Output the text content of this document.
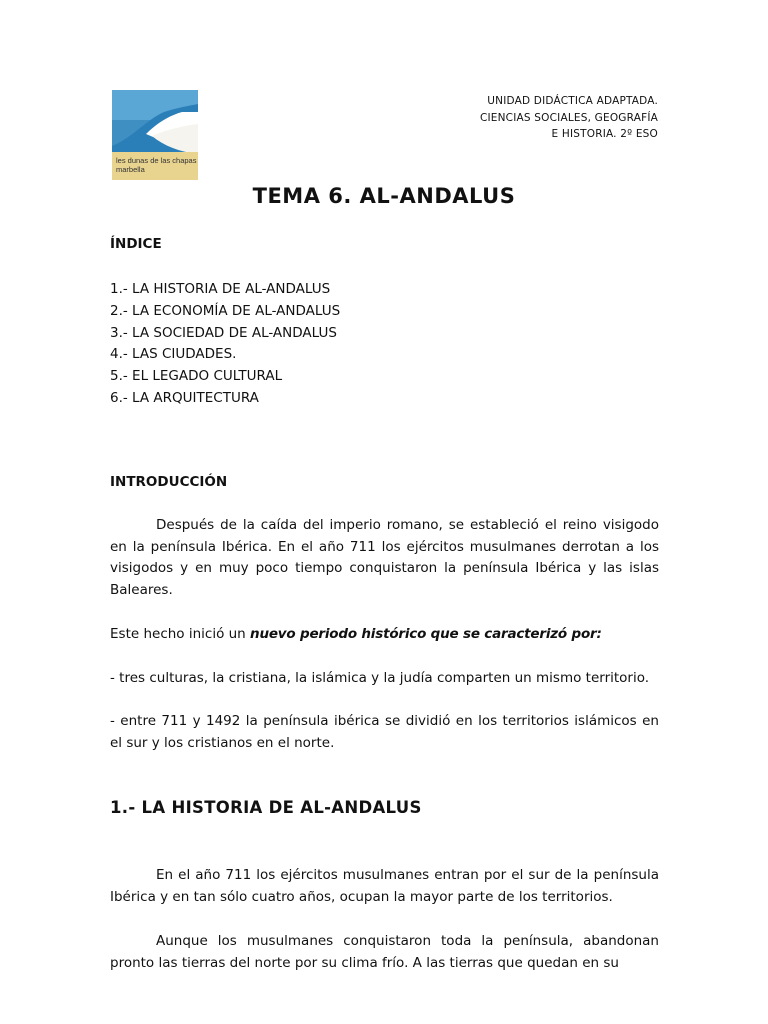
les dunas de las chapas
marbella
UNIDAD DIDÁCTICA ADAPTADA.
CIENCIAS SOCIALES, GEOGRAFÍA
E HISTORIA. 2º ESO
TEMA 6. AL-ANDALUS
ÍNDICE
1.- LA HISTORIA DE AL-ANDALUS
2.- LA ECONOMÍA DE AL-ANDALUS
3.- LA SOCIEDAD DE AL-ANDALUS
4.- LAS CIUDADES.
5.- EL LEGADO CULTURAL
6.- LA ARQUITECTURA
INTRODUCCIÓN

Después de la caída del imperio romano, se estableció el reino visigodo en la península Ibérica. En el año 711 los ejércitos musulmanes derrotan a los visigodos y en muy poco tiempo conquistaron la península Ibérica y las islas Baleares.

Este hecho inició un nuevo periodo histórico que se caracterizó por:

- tres culturas, la cristiana, la islámica y la judía comparten un mismo territorio.

- entre 711 y 1492 la península ibérica se dividió en los territorios islámicos en el sur y los cristianos en el norte.

1.- LA HISTORIA DE AL-ANDALUS

En el año 711 los ejércitos musulmanes entran por el sur de la península Ibérica y en tan sólo cuatro años, ocupan la mayor parte de los territorios.

Aunque los musulmanes conquistaron toda la península, abandonan pronto las tierras del norte por su clima frío. A las tierras que quedan en su
